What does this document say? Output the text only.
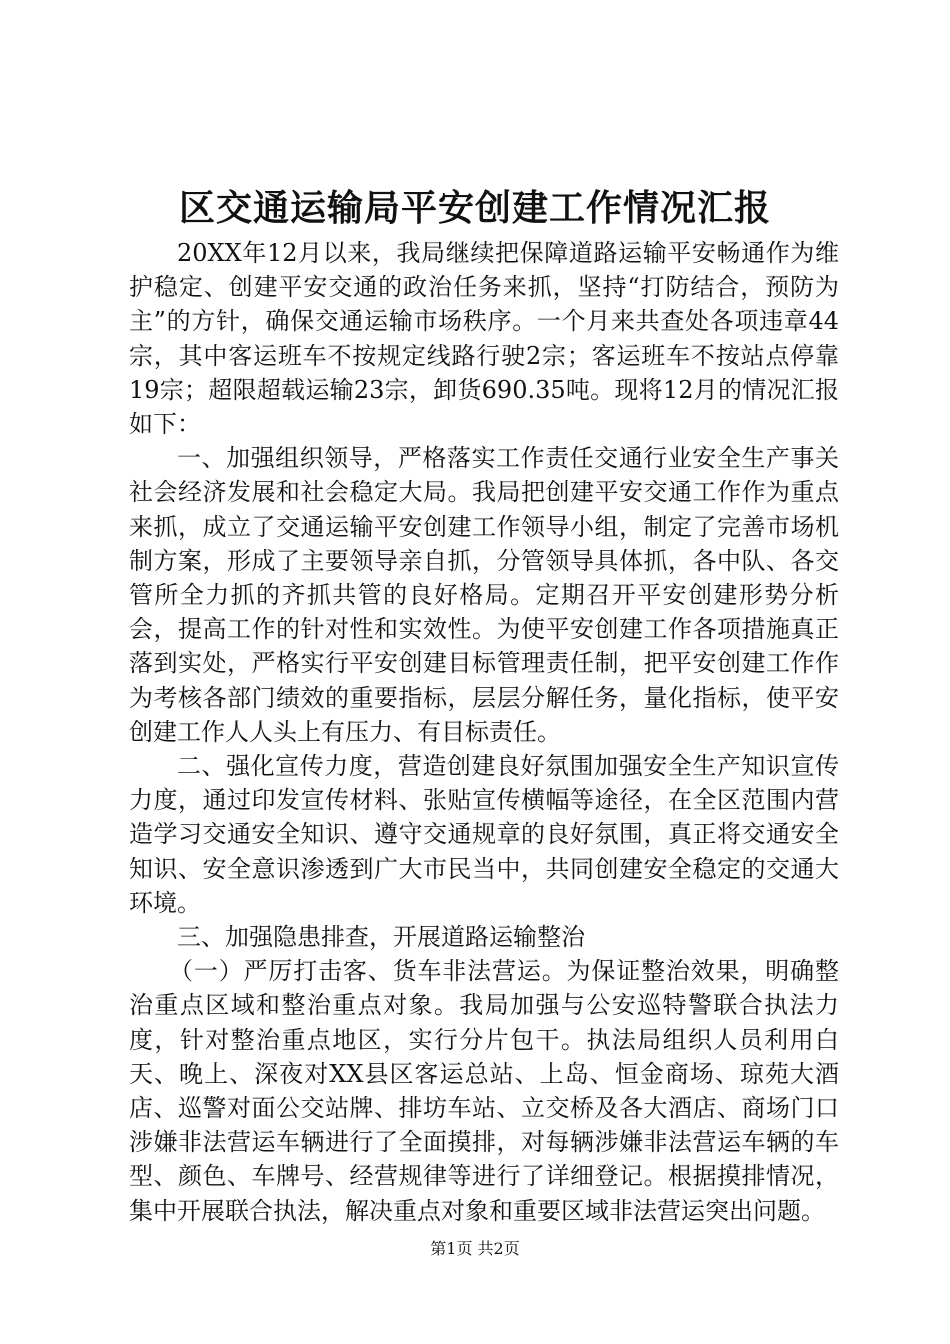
区交通运输局平安创建工作情况汇报

20XX年12月以来，我局继续把保障道路运输平安畅通作为维护稳定、创建平安交通的政治任务来抓，坚持“打防结合，预防为主”的方针，确保交通运输市场秩序。一个月来共查处各项违章44宗，其中客运班车不按规定线路行驶2宗；客运班车不按站点停靠19宗；超限超载运输23宗，卸货690.35吨。现将12月的情况汇报如下：

一、加强组织领导，严格落实工作责任交通行业安全生产事关社会经济发展和社会稳定大局。我局把创建平安交通工作作为重点来抓，成立了交通运输平安创建工作领导小组，制定了完善市场机制方案，形成了主要领导亲自抓，分管领导具体抓，各中队、各交管所全力抓的齐抓共管的良好格局。定期召开平安创建形势分析会，提高工作的针对性和实效性。为使平安创建工作各项措施真正落到实处，严格实行平安创建目标管理责任制，把平安创建工作作为考核各部门绩效的重要指标，层层分解任务，量化指标，使平安创建工作人人头上有压力、有目标责任。

二、强化宣传力度，营造创建良好氛围加强安全生产知识宣传力度，通过印发宣传材料、张贴宣传横幅等途径，在全区范围内营造学习交通安全知识、遵守交通规章的良好氛围，真正将交通安全知识、安全意识渗透到广大市民当中，共同创建安全稳定的交通大环境。

三、加强隐患排查，开展道路运输整治

（一）严厉打击客、货车非法营运。为保证整治效果，明确整治重点区域和整治重点对象。我局加强与公安巡特警联合执法力度，针对整治重点地区，实行分片包干。执法局组织人员利用白天、晚上、深夜对XX县区客运总站、上岛、恒金商场、琼苑大酒店、巡警对面公交站牌、排坊车站、立交桥及各大酒店、商场门口涉嫌非法营运车辆进行了全面摸排，对每辆涉嫌非法营运车辆的车型、颜色、车牌号、经营规律等进行了详细登记。根据摸排情况，集中开展联合执法，解决重点对象和重要区域非法营运突出问题。

第1页 共2页
